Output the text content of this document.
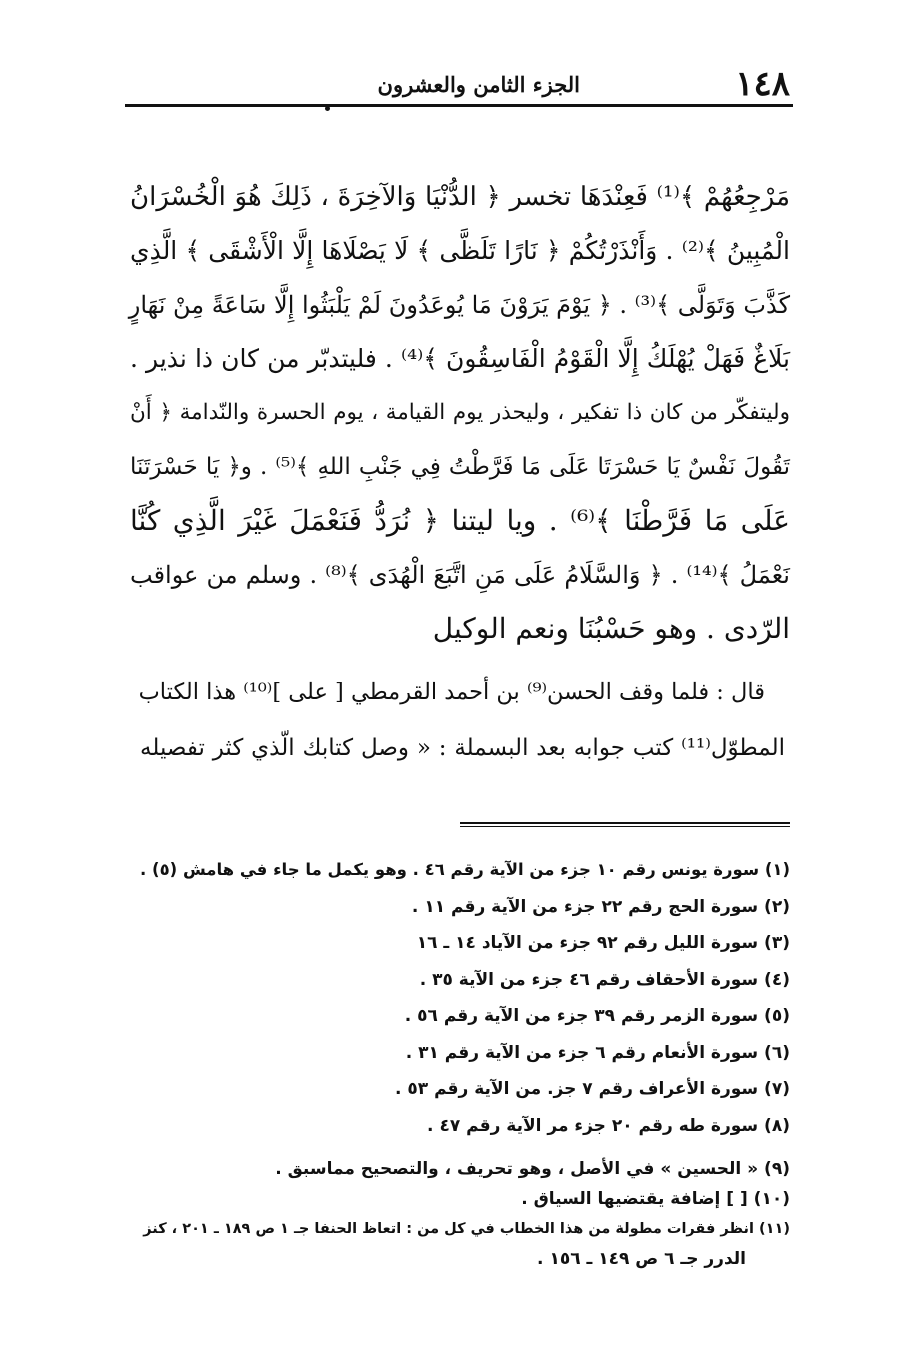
١٤٨
الجزء الثامن والعشرون
مَرْجِعُهُمْ ﴾⁽¹⁾ فَعِنْدَهَا تخسر ﴿ الدُّنْيَا وَالآخِرَةَ ، ذَلِكَ هُوَ الْخُسْرَانُ
الْمُبِينُ ﴾⁽²⁾ . وَأَنْذَرْتُكُمْ ﴿ نَارًا تَلَظَّى ﴾ لَا يَصْلَاهَا إِلَّا الْأَشْقَى ﴾ الَّذِي
كَذَّبَ وَتَوَلَّى ﴾⁽³⁾ . ﴿ يَوْمَ يَرَوْنَ مَا يُوعَدُونَ لَمْ يَلْبَثُوا إِلَّا سَاعَةً مِنْ نَهَارٍ
بَلَاغٌ فَهَلْ يُهْلَكُ إِلَّا الْقَوْمُ الْفَاسِقُونَ ﴾⁽⁴⁾ . فليتدبّر من كان ذا نذير .
وليتفكّر من كان ذا تفكير ، وليحذر يوم القيامة ، يوم الحسرة والنّدامة ﴿ أَنْ
تَقُولَ نَفْسٌ يَا حَسْرَتَا عَلَى مَا فَرَّطْتُ فِي جَنْبِ اللهِ ﴾⁽⁵⁾ . و﴿ يَا حَسْرَتَنَا
عَلَى مَا فَرَّطْنَا ﴾⁽⁶⁾ . ويا ليتنا ﴿ نُرَدُّ فَنَعْمَلَ غَيْرَ الَّذِي كُنَّا
نَعْمَلُ ﴾⁽¹⁴⁾ . ﴿ وَالسَّلَامُ عَلَى مَنِ اتَّبَعَ الْهُدَى ﴾⁽⁸⁾ . وسلم من عواقب
الرّدى . وهو حَسْبُنَا ونعم الوكيل
قال : فلما وقف الحسن⁽⁹⁾ بن أحمد القرمطي [ على ]⁽¹⁰⁾ هذا الكتاب
المطوّل⁽¹¹⁾ كتب جوابه بعد البسملة : « وصل كتابك الّذي كثر تفصيله
(١) سورة يونس رقم ١٠ جزء من الآية رقم ٤٦ . وهو يكمل ما جاء في هامش (٥) .
(٢) سورة الحج رقم ٢٢ جزء من الآية رقم ١١ .
(٣) سورة الليل رقم ٩٢ جزء من الآياد ١٤ ـ ١٦
(٤) سورة الأحقاف رقم ٤٦ جزء من الآية ٣٥ .
(٥) سورة الزمر رقم ٣٩ جزء من الآية رقم ٥٦ .
(٦) سورة الأنعام رقم ٦ جزء من الآية رقم ٣١ .
(٧) سورة الأعراف رقم ٧ جز. من الآية رقم ٥٣ .
(٨) سورة طه رقم ٢٠ جزء مر الآية رقم ٤٧ .
(٩) « الحسين » في الأصل ، وهو تحريف ، والتصحيح مماسبق .
(١٠) [ ] إضافة يقتضيها السياق .
(١١) انظر فقرات مطولة من هذا الخطاب في كل من : اتعاظ الحنفا جـ ١ ص ١٨٩ ـ ٢٠١ ، كنز
الدرر جـ ٦ ص ١٤٩ ـ ١٥٦ .
